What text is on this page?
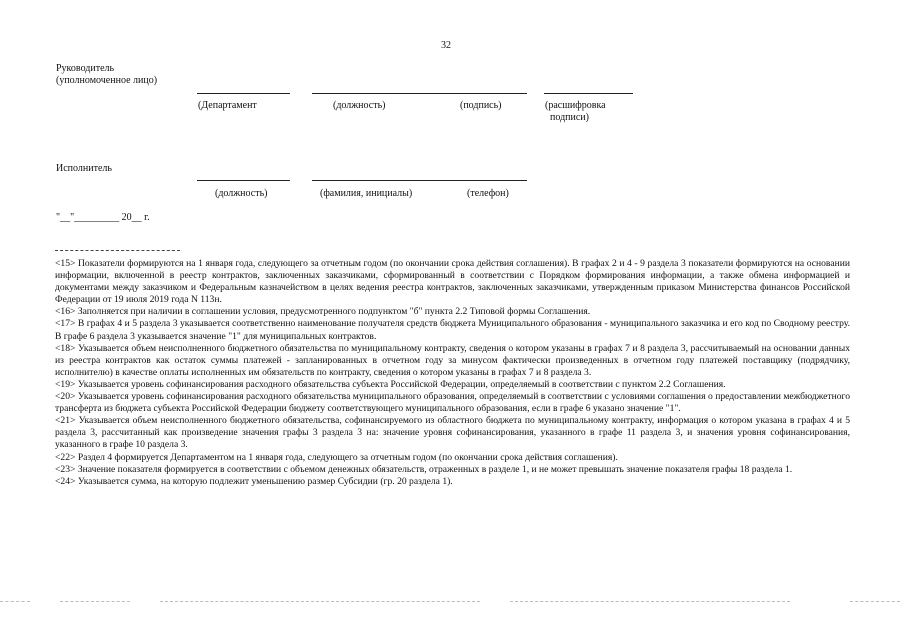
32
Руководитель
(уполномоченное лицо)
(Департамент	(должность)	(подпись)	(расшифровка
подписи)
Исполнитель
(должность)	(фамилия, инициалы)	(телефон)
"__"_________ 20__ г.

<15> Показатели формируются на 1 января года, следующего за отчетным годом (по окончании срока действия соглашения). В графах 2 и 4 - 9 раздела 3 показатели формируются на основании информации, включенной в реестр контрактов, заключенных заказчиками, сформированный в соответствии с Порядком формирования информации, а также обмена информацией и документами между заказчиком и Федеральным казначейством в целях ведения реестра контрактов, заключенных заказчиками, утвержденным приказом Министерства финансов Российской Федерации от 19 июля 2019 года N 113н.

<16> Заполняется при наличии в соглашении условия, предусмотренного подпунктом "б" пункта 2.2 Типовой формы Соглашения.

<17> В графах 4 и 5 раздела 3 указывается соответственно наименование получателя средств бюджета Муниципального образования - муниципального заказчика и его код по Сводному реестру. В графе 6 раздела 3 указывается значение "1" для муниципальных контрактов.

<18> Указывается объем неисполненного бюджетного обязательства по муниципальному контракту, сведения о котором указаны в графах 7 и 8 раздела 3, рассчитываемый на основании данных из реестра контрактов как остаток суммы платежей - запланированных в отчетном году за минусом фактически произведенных в отчетном году платежей поставщику (подрядчику, исполнителю) в качестве оплаты исполненных им обязательств по контракту, сведения о котором указаны в графах 7 и 8 раздела 3.

<19> Указывается уровень софинансирования расходного обязательства субъекта Российской Федерации, определяемый в соответствии с пунктом 2.2 Соглашения.

<20> Указывается уровень софинансирования расходного обязательства муниципального образования, определяемый в соответствии с условиями соглашения о предоставлении межбюджетного трансферта из бюджета субъекта Российской Федерации бюджету соответствующего муниципального образования, если в графе 6 указано значение "1".

<21> Указывается объем неисполненного бюджетного обязательства, софинансируемого из областного бюджета по муниципальному контракту, информация о котором указана в графах 4 и 5 раздела 3, рассчитанный как произведение значения графы 3 раздела 3 на: значение уровня софинансирования, указанного в графе 11 раздела 3, и значения уровня софинансирования, указанного в графе 10 раздела 3.

<22> Раздел 4 формируется Департаментом на 1 января года, следующего за отчетным годом (по окончании срока действия соглашения).

<23> Значение показателя формируется в соответствии с объемом денежных обязательств, отраженных в разделе 1, и не может превышать значение показателя графы 18 раздела 1.

<24> Указывается сумма, на которую подлежит уменьшению размер Субсидии (гр. 20 раздела 1).
